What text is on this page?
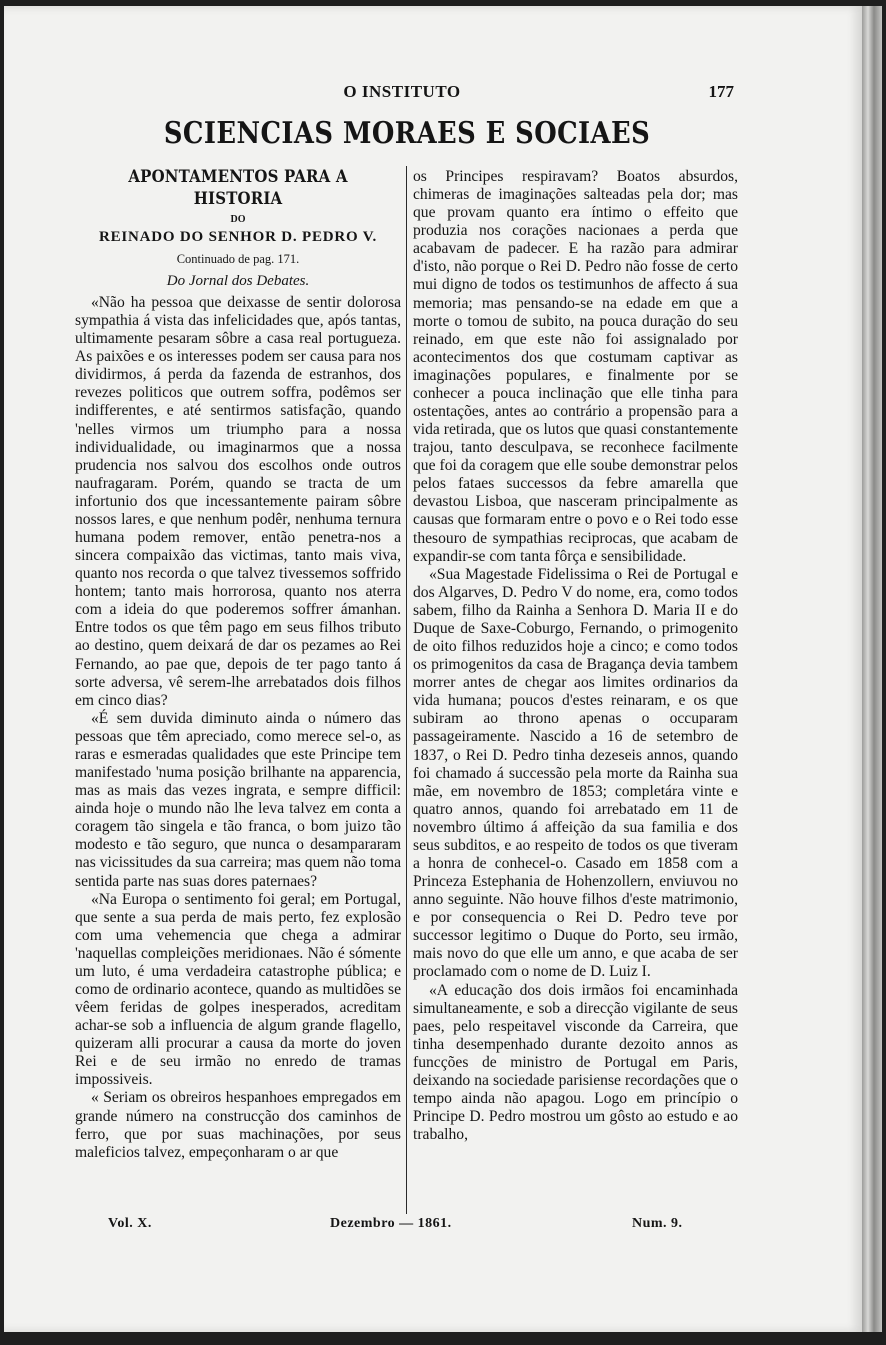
O INSTITUTO	177
SCIENCIAS MORAES E SOCIAES
APONTAMENTOS PARA A HISTORIA
DO
REINADO DO SENHOR D. PEDRO V.
Continuado de pag. 171.
Do Jornal dos Debates.

«Não ha pessoa que deixasse de sentir dolorosa sympathia á vista das infelicidades que, após tantas, ultimamente pesaram sôbre a casa real portugueza. As paixões e os interesses podem ser causa para nos dividirmos, á perda da fazenda de estranhos, dos revezes politicos que outrem soffra, podêmos ser indifferentes, e até sentirmos satisfação, quando 'nelles virmos um triumpho para a nossa individualidade, ou imaginarmos que a nossa prudencia nos salvou dos escolhos onde outros naufragaram. Porém, quando se tracta de um infortunio dos que incessantemente pairam sôbre nossos lares, e que nenhum podêr, nenhuma ternura humana podem remover, então penetra-nos a sincera compaixão das victimas, tanto mais viva, quanto nos recorda o que talvez tivessemos soffrido hontem; tanto mais horrorosa, quanto nos aterra com a ideia do que poderemos soffrer ámanhan. Entre todos os que têm pago em seus filhos tributo ao destino, quem deixará de dar os pezames ao Rei Fernando, ao pae que, depois de ter pago tanto á sorte adversa, vê serem-lhe arrebatados dois filhos em cinco dias?

«É sem duvida diminuto ainda o número das pessoas que têm apreciado, como merece sel-o, as raras e esmeradas qualidades que este Principe tem manifestado 'numa posição brilhante na apparencia, mas as mais das vezes ingrata, e sempre difficil: ainda hoje o mundo não lhe leva talvez em conta a coragem tão singela e tão franca, o bom juizo tão modesto e tão seguro, que nunca o desampararam nas vicissitudes da sua carreira; mas quem não toma sentida parte nas suas dores paternaes?

«Na Europa o sentimento foi geral; em Portugal, que sente a sua perda de mais perto, fez explosão com uma vehemencia que chega a admirar 'naquellas compleições meridionaes. Não é sómente um luto, é uma verdadeira catastrophe pública; e como de ordinario acontece, quando as multidões se vêem feridas de golpes inesperados, acreditam achar-se sob a influencia de algum grande flagello, quizeram alli procurar a causa da morte do joven Rei e de seu irmão no enredo de tramas impossiveis.

« Seriam os obreiros hespanhoes empregados em grande número na construcção dos caminhos de ferro, que por suas machinações, por seus maleficios talvez, empeçonharam o ar que

os Principes respiravam? Boatos absurdos, chimeras de imaginações salteadas pela dor; mas que provam quanto era íntimo o effeito que produzia nos corações nacionaes a perda que acabavam de padecer. E ha razão para admirar d'isto, não porque o Rei D. Pedro não fosse de certo mui digno de todos os testimunhos de affecto á sua memoria; mas pensando-se na edade em que a morte o tomou de subito, na pouca duração do seu reinado, em que este não foi assignalado por acontecimentos dos que costumam captivar as imaginações populares, e finalmente por se conhecer a pouca inclinação que elle tinha para ostentações, antes ao contrário a propensão para a vida retirada, que os lutos que quasi constantemente trajou, tanto desculpava, se reconhece facilmente que foi da coragem que elle soube demonstrar pelos pelos fataes successos da febre amarella que devastou Lisboa, que nasceram principalmente as causas que formaram entre o povo e o Rei todo esse thesouro de sympathias reciprocas, que acabam de expandir-se com tanta fôrça e sensibilidade.

«Sua Magestade Fidelissima o Rei de Portugal e dos Algarves, D. Pedro V do nome, era, como todos sabem, filho da Rainha a Senhora D. Maria II e do Duque de Saxe-Coburgo, Fernando, o primogenito de oito filhos reduzidos hoje a cinco; e como todos os primogenitos da casa de Bragança devia tambem morrer antes de chegar aos limites ordinarios da vida humana; poucos d'estes reinaram, e os que subiram ao throno apenas o occuparam passageiramente. Nascido a 16 de setembro de 1837, o Rei D. Pedro tinha dezeseis annos, quando foi chamado á successão pela morte da Rainha sua mãe, em novembro de 1853; completára vinte e quatro annos, quando foi arrebatado em 11 de novembro último á affeição da sua familia e dos seus subditos, e ao respeito de todos os que tiveram a honra de conhecel-o. Casado em 1858 com a Princeza Estephania de Hohenzollern, enviuvou no anno seguinte. Não houve filhos d'este matrimonio, e por consequencia o Rei D. Pedro teve por successor legitimo o Duque do Porto, seu irmão, mais novo do que elle um anno, e que acaba de ser proclamado com o nome de D. Luiz I.

«A educação dos dois irmãos foi encaminhada simultaneamente, e sob a direcção vigilante de seus paes, pelo respeitavel visconde da Carreira, que tinha desempenhado durante dezoito annos as funcções de ministro de Portugal em Paris, deixando na sociedade parisiense recordações que o tempo ainda não apagou. Logo em princípio o Principe D. Pedro mostrou um gôsto ao estudo e ao trabalho,

Vol. X.	Dezembro — 1861.	Num. 9.
